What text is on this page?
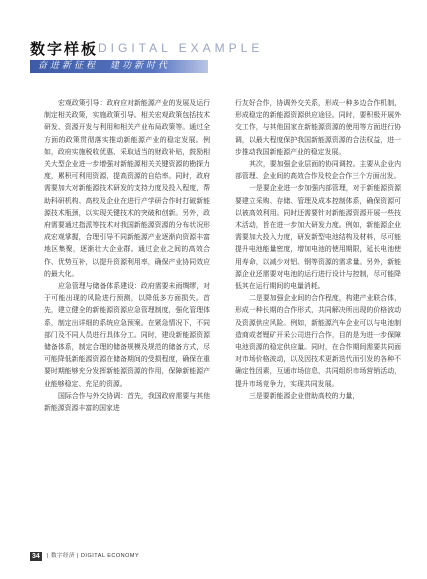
数字样板 DIGITAL EXAMPLE
奋进新征程　建功新时代

宏观政策引导：政府应对新能源产业的发展及运行制定相关政策，实施政策引导。相关宏观政策包括技术研发、资源开发与利用和相关产业布局政策等。通过全方面的政策贯彻落实推动新能源产业的稳定发展。例如，政府实施税收优惠、采取适当的财政补贴，鼓励相关大型企业进一步增强对新能源相关关键资源的勘探力度，累积可利用资源，提高资源的自给率。同时，政府需要加大对新能源技术研发的支持力度及投入程度，帮助科研机构、高校及企业在进行产学研合作时打破新能源技术瓶颈，以实现关键技术的突破和创新。另外，政府需要通过指派等技术对我国新能源资源的分布状况形成宏观掌握，合理引导不同新能源产业逐渐向资源丰富地区集聚，逐渐壮大企业群。通过企业之间的高效合作、优势互补，以提升资源利用率，确保产业协同效应的最大化。

应急管理与储备体系建设：政府需要未雨绸缪，对于可能出现的风险进行预测，以降低多方面损失。首先，建立健全的新能源资源应急管理制度，强化管理体系，制定出详细的系统应急预案。在紧急情况下，不同部门及不同人员进行具体分工。同时，建设新能源资源储备体系，制定合理的储备规模及规范的储备方式，尽可能降低新能源资源在储备期间的受损程度，确保在重要时期能够充分发挥新能源资源的作用，保障新能源产业能够稳定、充足的资源。

国际合作与外交协调：首先，我国政府需要与其他新能源资源丰富的国家进

行友好合作，协调外交关系，形成一种多边合作机制，形成稳定的新能源资源供应途径。同时，要积极开展外交工作，与其他国家在新能源资源的使用等方面进行协调，以最大程度保护我国新能源资源的合法权益，进一步推动我国新能源产业的稳定发展。

其次，要加强企业层面的协同调控。主要从企业内部管理、企业间的高效合作及校企合作三个方面出发。

一是要企业进一步加强内部管理，对于新能源资源要建立采购、存储、管理及成本控制体系，确保资源可以被高效利用。同时还需要针对新能源资源开展一些技术活动，旨在进一步加大研发力度。例如，新能源企业需要加大投入力度，研发新型电池结构及材料，尽可能提升电池能量密度，增加电池的使用期限，延长电池使用寿命，以减少对铝、钢等资源的需求量。另外，新能源企业还需要对电池的运行进行设计与控制，尽可能降低其在运行期间的电量消耗。

二是要加强企业间的合作程度，构建产业联合体，形成一种长期的合作形式，共同解决所出现的价格波动及资源供应风险。例如，新能源汽车企业可以与电池制造商或者锂矿开采公司进行合作，目的是为进一步保障电池资源的稳定供应量。同时，在合作期间需要共同面对市场价格波动，以及因技术更新迭代而引发的各种不确定性因素，互通市场信息，共同组织市场营销活动，提升市场竞争力，实现共同发展。

三是要新能源企业借助高校的力量，

34	| 数字经济 | DIGITAL ECONOMY
